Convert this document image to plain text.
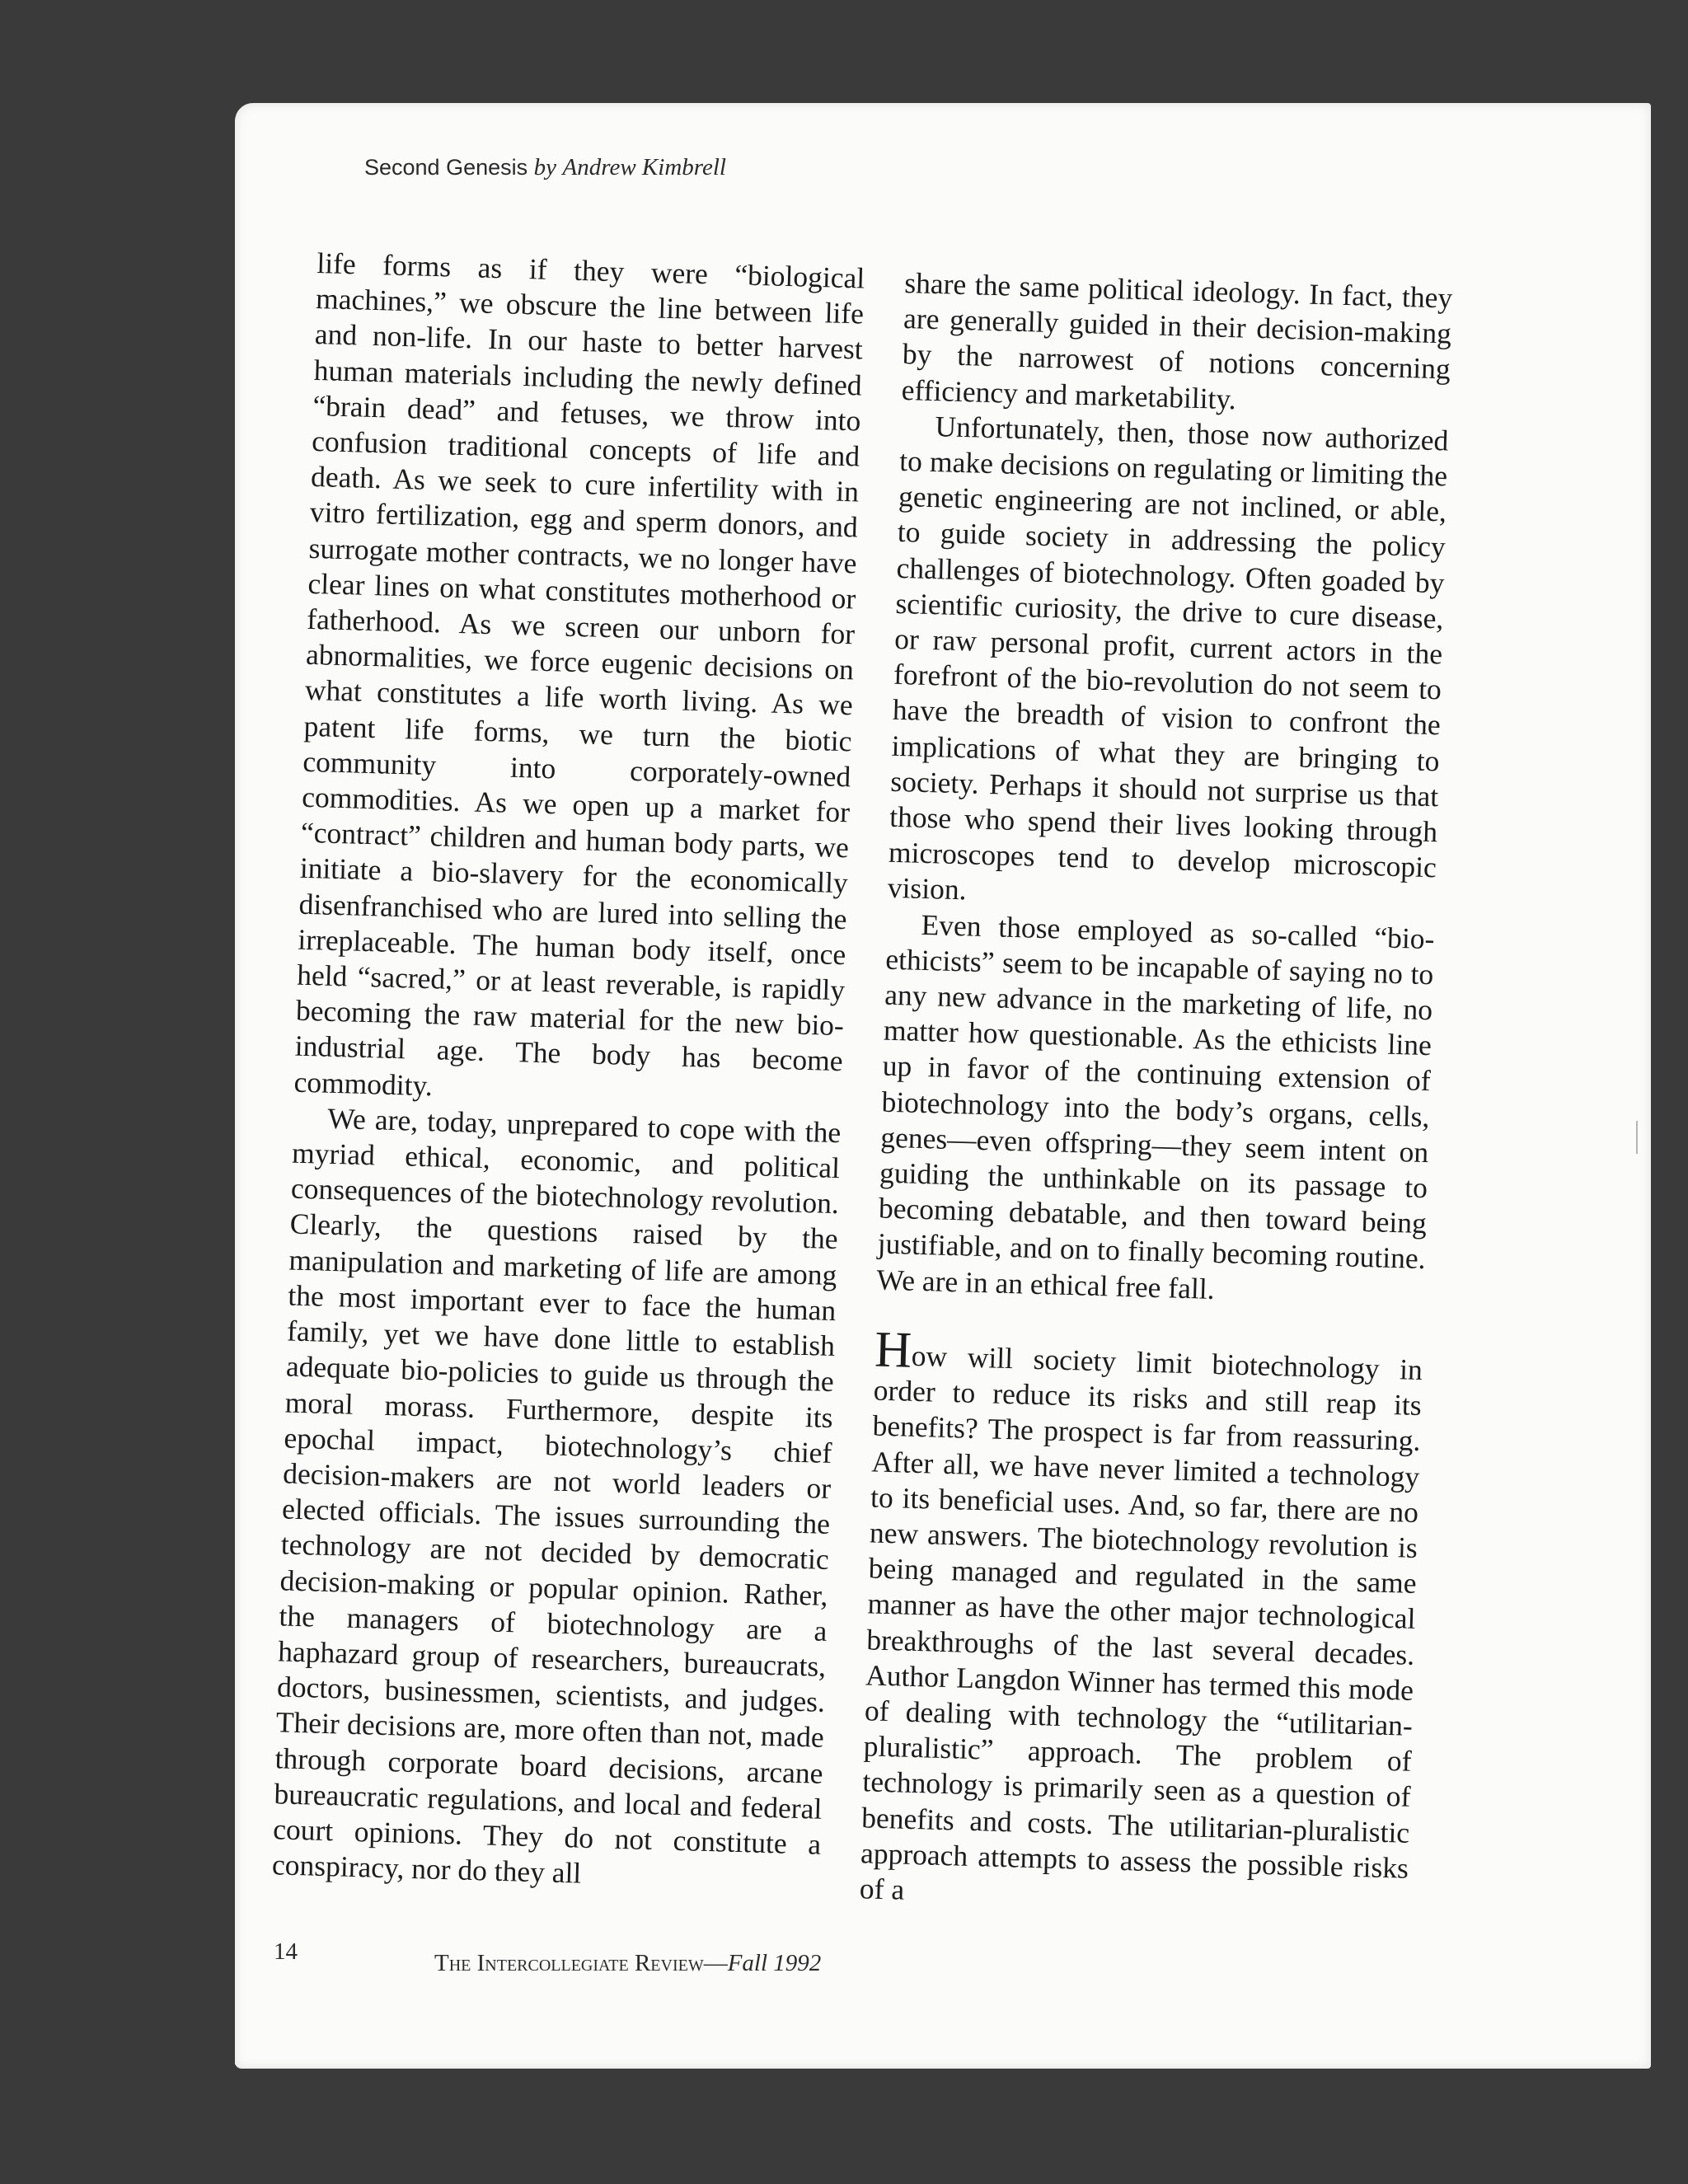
Second Genesis by Andrew Kimbrell

life forms as if they were “biological machines,” we obscure the line between life and non-life. In our haste to better harvest human materials including the newly defined “brain dead” and fetuses, we throw into confusion traditional concepts of life and death. As we seek to cure infertility with in vitro fertilization, egg and sperm donors, and surrogate mother contracts, we no longer have clear lines on what constitutes motherhood or fatherhood. As we screen our unborn for abnormalities, we force eugenic decisions on what constitutes a life worth living. As we patent life forms, we turn the biotic community into corporately-owned commodities. As we open up a market for “contract” children and human body parts, we initiate a bio-slavery for the economically disenfranchised who are lured into selling the irreplaceable. The human body itself, once held “sacred,” or at least reverable, is rapidly becoming the raw material for the new bio-industrial age. The body has become commodity.

We are, today, unprepared to cope with the myriad ethical, economic, and political consequences of the biotechnology revolution. Clearly, the questions raised by the manipulation and marketing of life are among the most important ever to face the human family, yet we have done little to establish adequate bio-policies to guide us through the moral morass. Furthermore, despite its epochal impact, biotechnology’s chief decision-makers are not world leaders or elected officials. The issues surrounding the technology are not decided by democratic decision-making or popular opinion. Rather, the managers of biotechnology are a haphazard group of researchers, bureaucrats, doctors, businessmen, scientists, and judges. Their decisions are, more often than not, made through corporate board decisions, arcane bureaucratic regulations, and local and federal court opinions. They do not constitute a conspiracy, nor do they all

share the same political ideology. In fact, they are generally guided in their decision-making by the narrowest of notions concerning efficiency and marketability.

Unfortunately, then, those now authorized to make decisions on regulating or limiting the genetic engineering are not inclined, or able, to guide society in addressing the policy challenges of biotechnology. Often goaded by scientific curiosity, the drive to cure disease, or raw personal profit, current actors in the forefront of the bio-revolution do not seem to have the breadth of vision to confront the implications of what they are bringing to society. Perhaps it should not surprise us that those who spend their lives looking through microscopes tend to develop microscopic vision.

Even those employed as so-called “bio-ethicists” seem to be incapable of saying no to any new advance in the marketing of life, no matter how questionable. As the ethicists line up in favor of the continuing extension of biotechnology into the body’s organs, cells, genes—even offspring—they seem intent on guiding the unthinkable on its passage to becoming debatable, and then toward being justifiable, and on to finally becoming routine. We are in an ethical free fall.

How will society limit biotechnology in order to reduce its risks and still reap its benefits? The prospect is far from reassuring. After all, we have never limited a technology to its beneficial uses. And, so far, there are no new answers. The biotechnology revolution is being managed and regulated in the same manner as have the other major technological breakthroughs of the last several decades. Author Langdon Winner has termed this mode of dealing with technology the “utilitarian-pluralistic” approach. The problem of technology is primarily seen as a question of benefits and costs. The utilitarian-pluralistic approach attempts to assess the possible risks of a

14	The Intercollegiate Review—Fall 1992
